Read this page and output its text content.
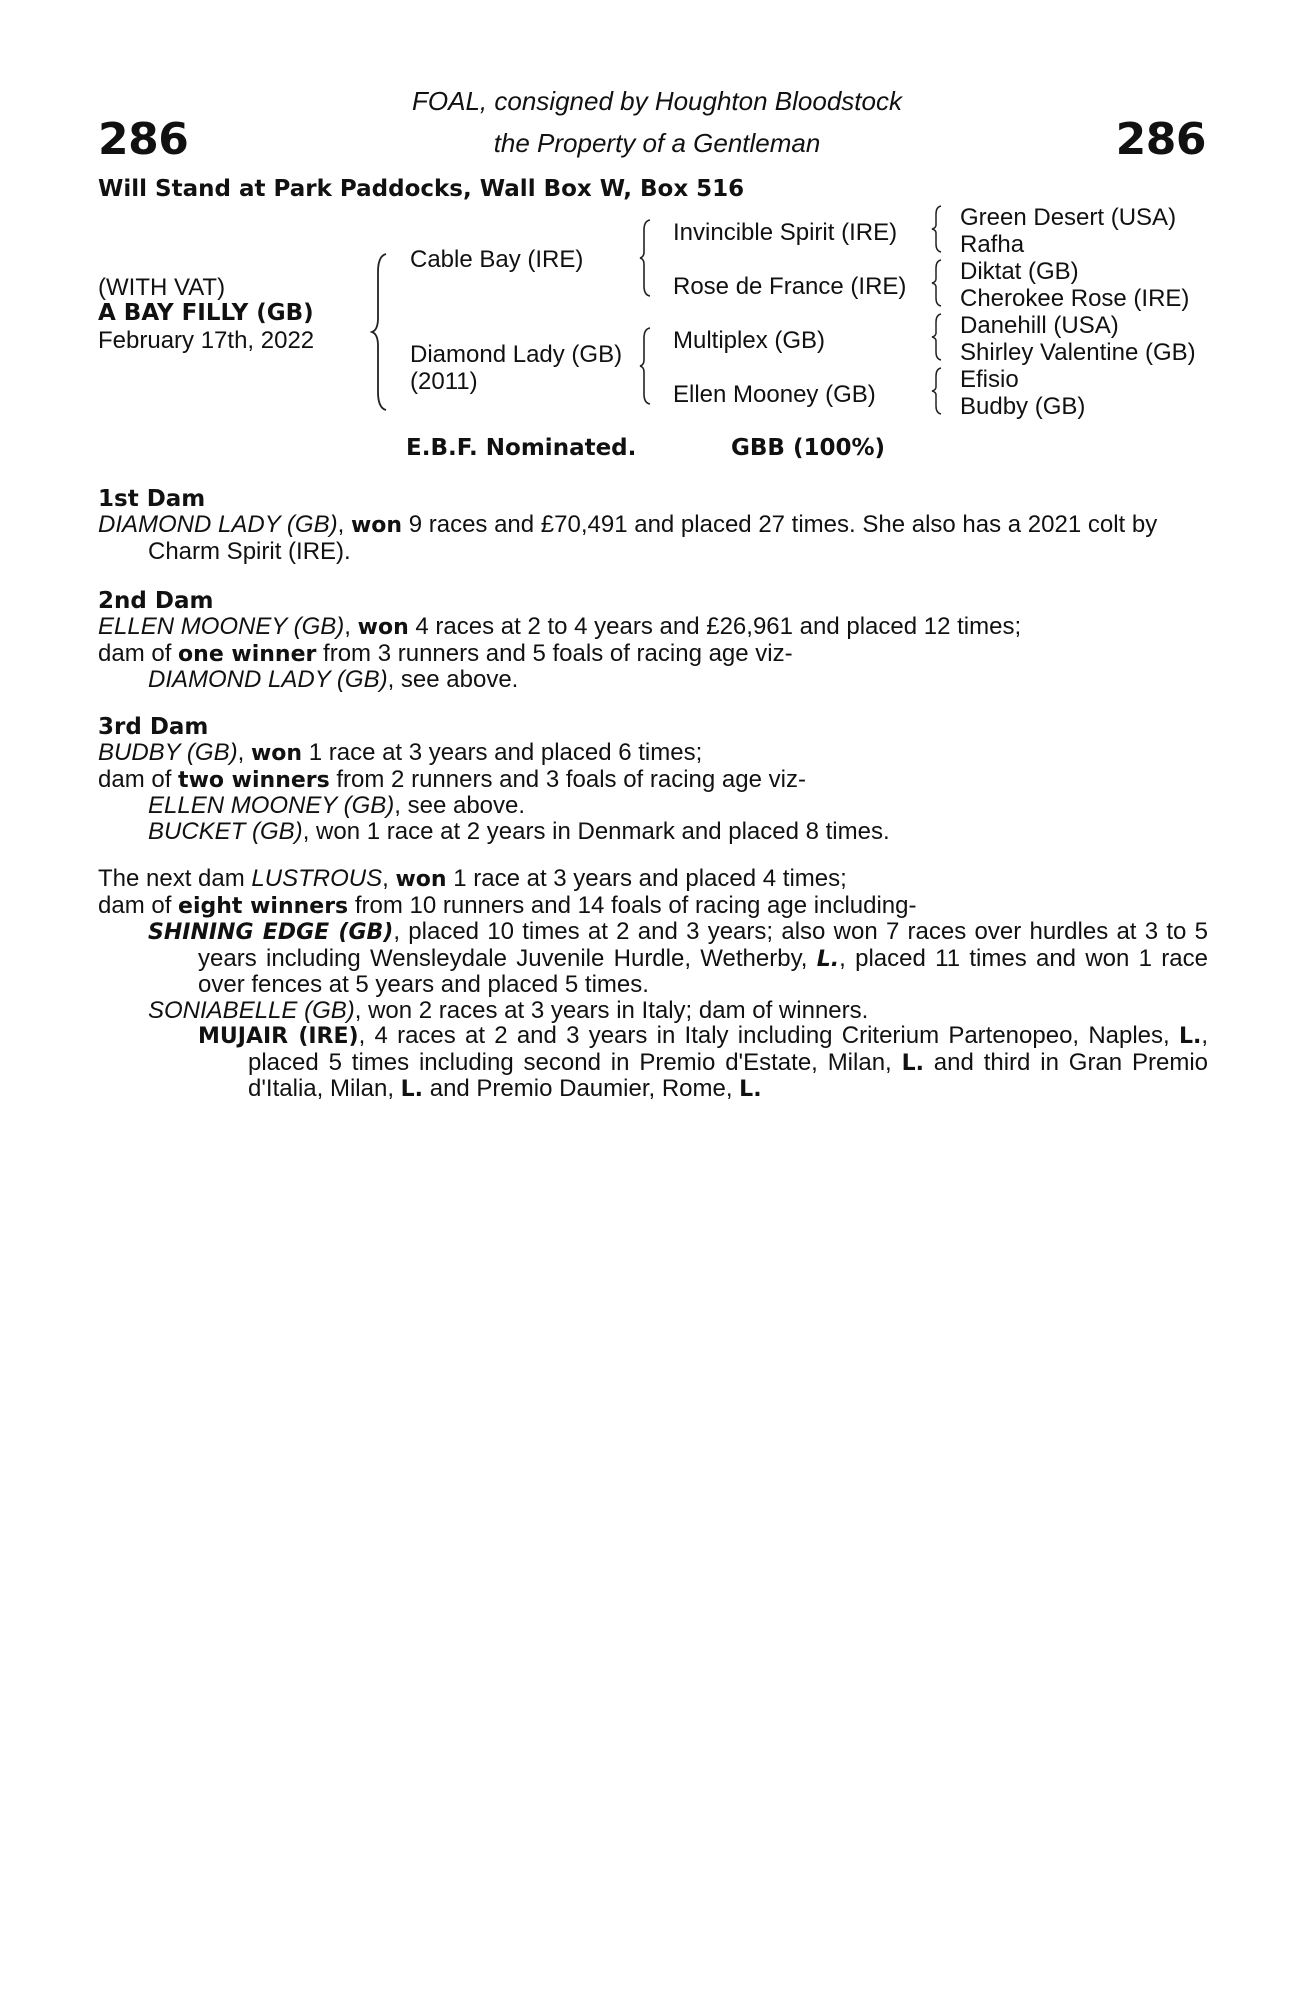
FOAL, consigned by Houghton Bloodstock
the Property of a Gentleman
286	286
Will Stand at Park Paddocks, Wall Box W, Box 516
(WITH VAT)
A BAY FILLY (GB)
February 17th, 2022
Cable Bay (IRE)
Diamond Lady (GB)
(2011)
Invincible Spirit (IRE)
Rose de France (IRE)
Multiplex (GB)
Ellen Mooney (GB)
Green Desert (USA)
Rafha
Diktat (GB)
Cherokee Rose (IRE)
Danehill (USA)
Shirley Valentine (GB)
Efisio
Budby (GB)
E.B.F. Nominated.	GBB (100%)
1st Dam

DIAMOND LADY (GB), won 9 races and £70,491 and placed 27 times. She also has a 2021 colt by Charm Spirit (IRE).

2nd Dam

ELLEN MOONEY (GB), won 4 races at 2 to 4 years and £26,961 and placed 12 times;

dam of one winner from 3 runners and 5 foals of racing age viz-

DIAMOND LADY (GB), see above.

3rd Dam

BUDBY (GB), won 1 race at 3 years and placed 6 times;

dam of two winners from 2 runners and 3 foals of racing age viz-

ELLEN MOONEY (GB), see above.

BUCKET (GB), won 1 race at 2 years in Denmark and placed 8 times.

The next dam LUSTROUS, won 1 race at 3 years and placed 4 times;

dam of eight winners from 10 runners and 14 foals of racing age including-

SHINING EDGE (GB), placed 10 times at 2 and 3 years; also won 7 races over hurdles at 3 to 5 years including Wensleydale Juvenile Hurdle, Wetherby, L., placed 11 times and won 1 race over fences at 5 years and placed 5 times.

SONIABELLE (GB), won 2 races at 3 years in Italy; dam of winners.

MUJAIR (IRE), 4 races at 2 and 3 years in Italy including Criterium Partenopeo, Naples, L., placed 5 times including second in Premio d'Estate, Milan, L. and third in Gran Premio d'Italia, Milan, L. and Premio Daumier, Rome, L.
